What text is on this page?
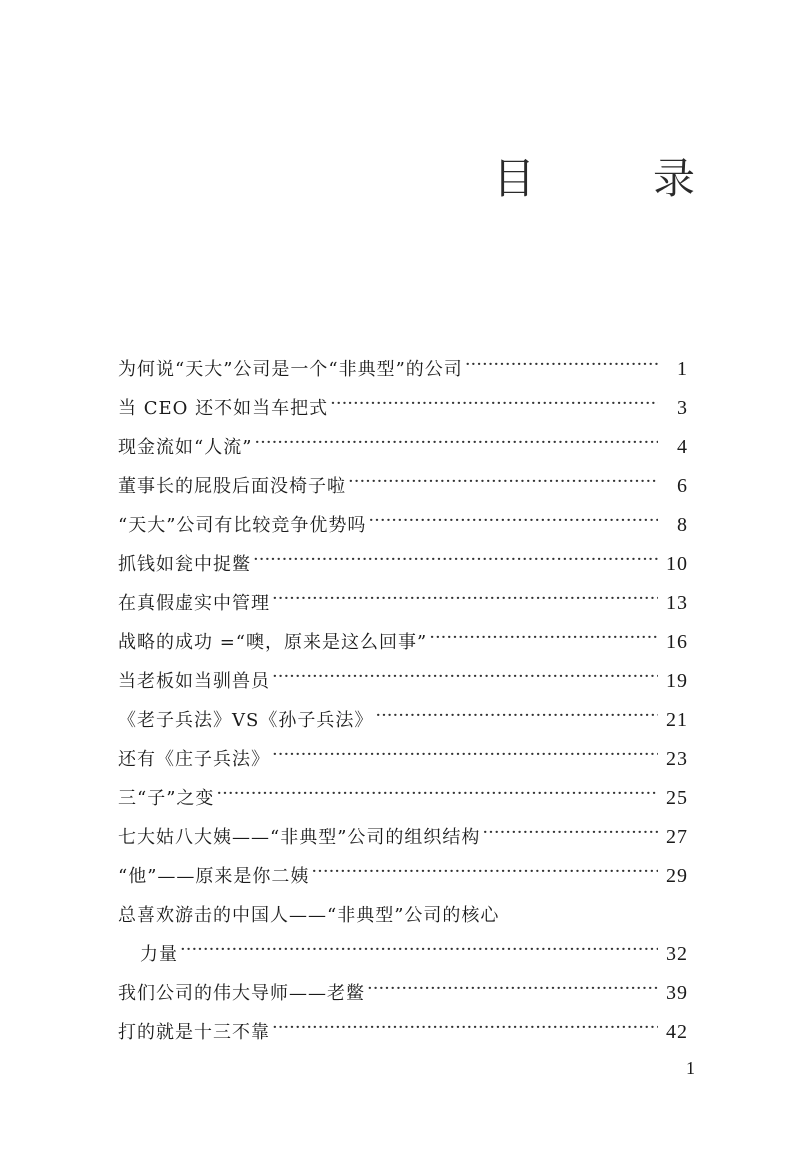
目　录
为何说“天大”公司是一个“非典型”的公司 ·····	1
当 CEO 还不如当车把式 ·····	3
现金流如“人流” ·····	4
董事长的屁股后面没椅子啦 ·····	6
“天大”公司有比较竞争优势吗 ·····	8
抓钱如瓮中捉鳖 ·····	10
在真假虚实中管理 ·····	13
战略的成功 =“噢，原来是这么回事” ·····	16
当老板如当驯兽员 ·····	19
《老子兵法》VS《孙子兵法》 ·····	21
还有《庄子兵法》 ·····	23
三“子”之变 ·····	25
七大姑八大姨——“非典型”公司的组织结构 ·····	27
“他”——原来是你二姨 ·····	29
总喜欢游击的中国人——“非典型”公司的核心
力量 ·····	32
我们公司的伟大导师——老鳖 ·····	39
打的就是十三不靠 ·····	42
1
